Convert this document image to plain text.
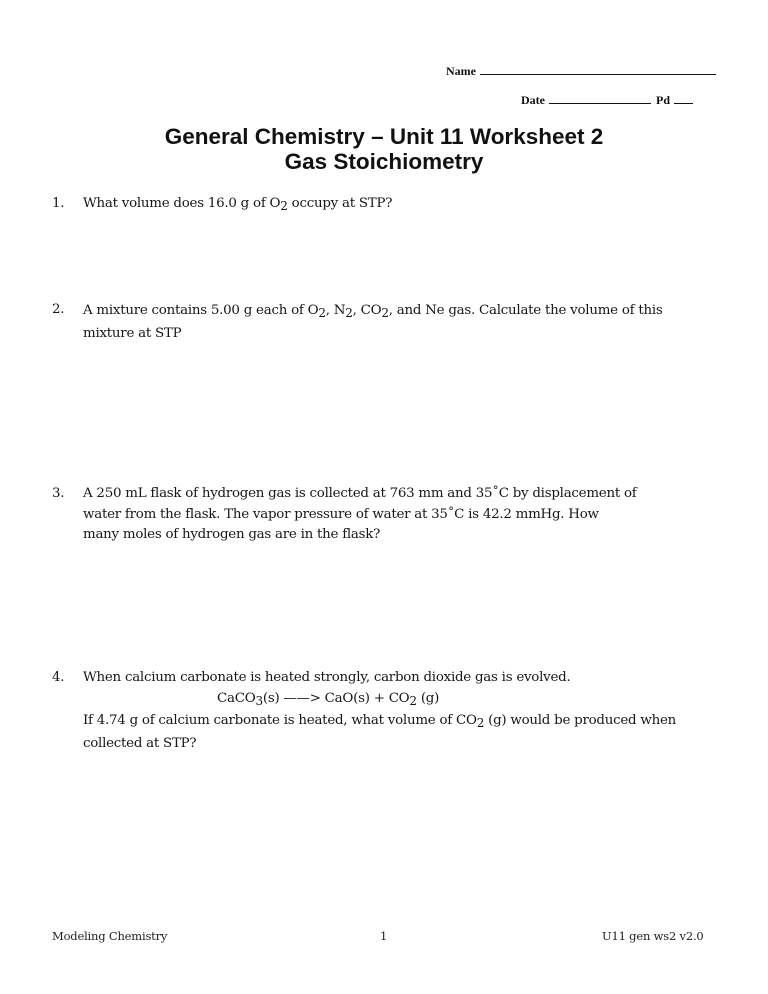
Name
Date	Pd
General Chemistry – Unit 11 Worksheet 2
Gas Stoichiometry
1. What volume does 16.0 g of $O_2$ occupy at STP?
2. A mixture contains 5.00 g each of $O_2$, $N_2$, $CO_2$, and Ne gas. Calculate the volume of this mixture at STP
3. A 250 mL flask of hydrogen gas is collected at 763 mm and 35˚C by displacement of
water from the flask. The vapor pressure of water at 35˚C is 42.2 mmHg. How
many moles of hydrogen gas are in the flask?
4. When calcium carbonate is heated strongly, carbon dioxide gas is evolved.
CaCO$_3$(s) ——> $CaO(s) + CO_2$ (g)
If 4.74 g of calcium carbonate is heated, what volume of $CO_2$ (g) would be produced when collected at STP?
Modeling Chemistry	1	U11 gen ws2 v2.0
